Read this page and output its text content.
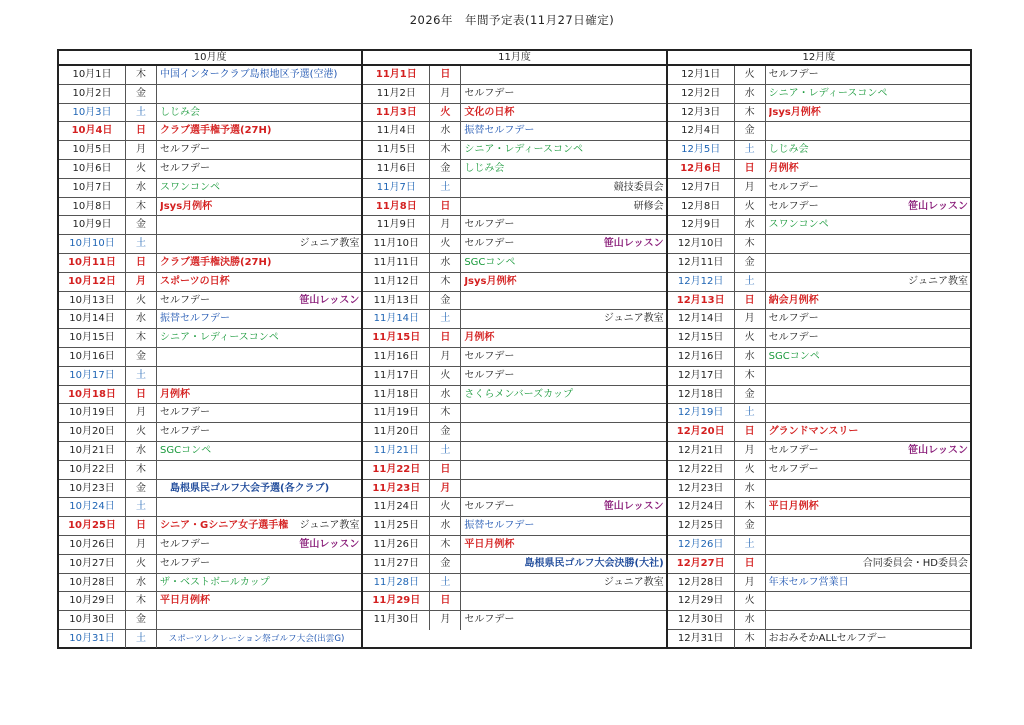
2026年　年間予定表(11月27日確定)
10月度
10月1日	木	中国インタークラブ島根地区予選(空港)
10月2日	金
10月3日	土	しじみ会
10月4日	日	クラブ選手権予選(27H)
10月5日	月	セルフデー
10月6日	火	セルフデー
10月7日	水	スワンコンペ
10月8日	木	Jsys月例杯
10月9日	金
10月10日	土	ジュニア教室
10月11日	日	クラブ選手権決勝(27H)
10月12日	月	スポーツの日杯
10月13日	火	セルフデー	笹山レッスン
10月14日	水	振替セルフデー
10月15日	木	シニア・レディースコンペ
10月16日	金
10月17日	土
10月18日	日	月例杯
10月19日	月	セルフデー
10月20日	火	セルフデー
10月21日	水	SGCコンペ
10月22日	木
10月23日	金	　島根県民ゴルフ大会予選(各クラブ)
10月24日	土
10月25日	日	シニア・Gシニア女子選手権	ジュニア教室
10月26日	月	セルフデー	笹山レッスン
10月27日	火	セルフデー
10月28日	水	ザ・ベストボールカップ
10月29日	木	平日月例杯
10月30日	金
10月31日	土	　スポーツレクレーション祭ゴルフ大会(出雲G)
11月度
11月1日	日
11月2日	月	セルフデー
11月3日	火	文化の日杯
11月4日	水	振替セルフデー
11月5日	木	シニア・レディースコンペ
11月6日	金	しじみ会
11月7日	土	競技委員会
11月8日	日	研修会
11月9日	月	セルフデー
11月10日	火	セルフデー	笹山レッスン
11月11日	水	SGCコンペ
11月12日	木	Jsys月例杯
11月13日	金
11月14日	土	ジュニア教室
11月15日	日	月例杯
11月16日	月	セルフデー
11月17日	火	セルフデー
11月18日	水	さくらメンバーズカップ
11月19日	木
11月20日	金
11月21日	土
11月22日	日
11月23日	月
11月24日	火	セルフデー	笹山レッスン
11月25日	水	振替セルフデー
11月26日	木	平日月例杯
11月27日	金	島根県民ゴルフ大会決勝(大社)
11月28日	土	ジュニア教室
11月29日	日
11月30日	月	セルフデー
12月度
12月1日	火	セルフデー
12月2日	水	シニア・レディースコンペ
12月3日	木	Jsys月例杯
12月4日	金
12月5日	土	しじみ会
12月6日	日	月例杯
12月7日	月	セルフデー
12月8日	火	セルフデー	笹山レッスン
12月9日	水	スワンコンペ
12月10日	木
12月11日	金
12月12日	土	ジュニア教室
12月13日	日	納会月例杯
12月14日	月	セルフデー
12月15日	火	セルフデー
12月16日	水	SGCコンペ
12月17日	木
12月18日	金
12月19日	土
12月20日	日	グランドマンスリー
12月21日	月	セルフデー	笹山レッスン
12月22日	火	セルフデー
12月23日	水
12月24日	木	平日月例杯
12月25日	金
12月26日	土
12月27日	日	合同委員会・HD委員会
12月28日	月	年末セルフ営業日
12月29日	火
12月30日	水
12月31日	木	おおみそかALLセルフデー
